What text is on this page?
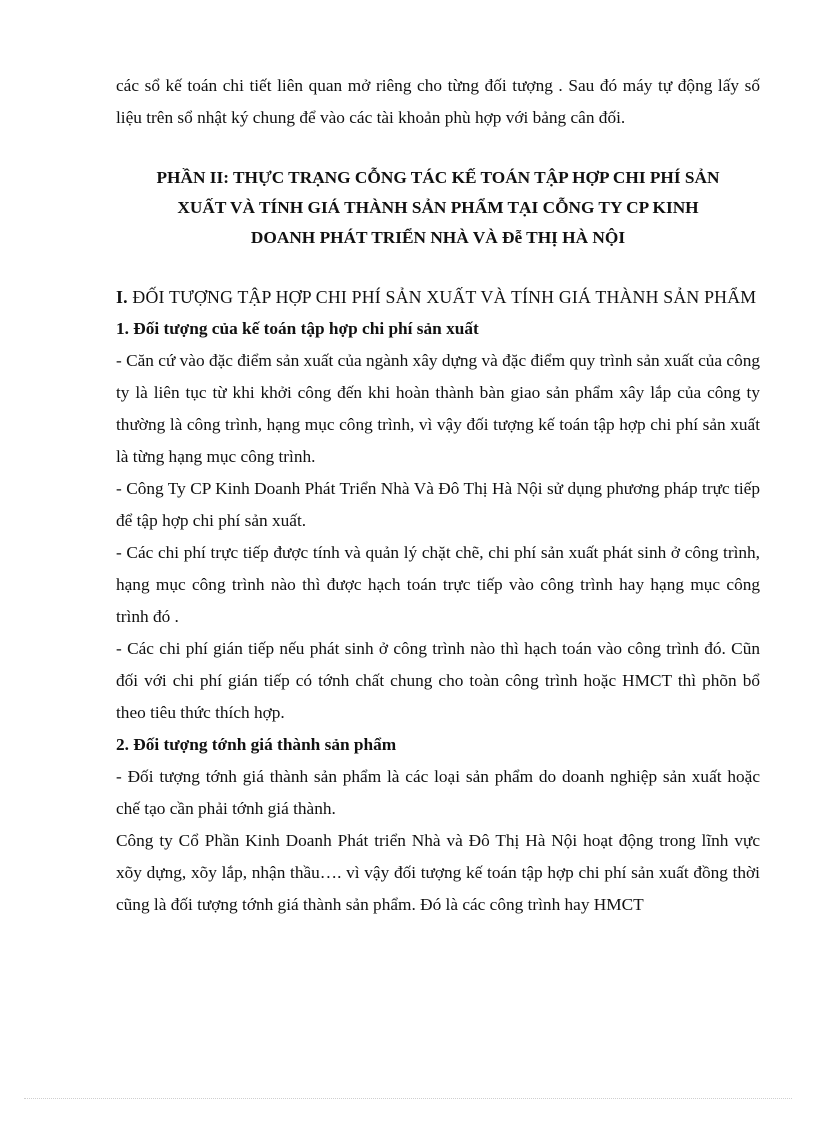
các sổ kế toán chi tiết liên quan mở riêng cho từng đối tượng . Sau đó máy tự động lấy số liệu trên sổ nhật ký chung để vào các tài khoản phù hợp với bảng cân đối.

PHẦN II: THỰC TRẠNG CỖNG TÁC KẾ TOÁN TẬP HỢP CHI PHÍ SẢN
XUẤT VÀ TÍNH GIÁ THÀNH SẢN PHẨM TẠI CỖNG TY CP KINH
DOANH PHÁT TRIỂN NHÀ VÀ Đễ THỊ HÀ NỘI

I. ĐỐI TƯỢNG TẬP HỢP CHI PHÍ SẢN XUẤT VÀ TÍNH GIÁ THÀNH SẢN PHẨM

1. Đối tượng của kế toán tập hợp chi phí sản xuất

- Căn cứ vào đặc điểm sản xuất của ngành xây dựng và đặc điểm quy trình sản xuất của công ty là liên tục từ khi khởi công đến khi hoàn thành bàn giao sản phẩm xây lắp của công ty thường là công trình, hạng mục công trình, vì vậy đối tượng kế toán tập hợp chi phí sản xuất là từng hạng mục công trình.

- Công Ty CP Kinh Doanh Phát Triển Nhà Và Đô Thị Hà Nội sử dụng phương pháp trực tiếp để tập hợp chi phí sản xuất.

- Các chi phí trực tiếp được tính và quản lý chặt chẽ, chi phí sản xuất phát sinh ở công trình, hạng mục công trình nào thì được hạch toán trực tiếp vào công trình hay hạng mục công trình đó .

- Các chi phí gián tiếp nếu phát sinh ở công trình nào thì hạch toán vào công trình đó. Cũn đối với chi phí gián tiếp có tớnh chất chung cho toàn công trình hoặc HMCT thì phõn bổ theo tiêu thức thích hợp.

2. Đối tượng tớnh giá thành sản phẩm

- Đối tượng tớnh giá thành sản phẩm là các loại sản phẩm do doanh nghiệp sản xuất hoặc chế tạo cần phải tớnh giá thành.

Công ty Cổ Phần Kinh Doanh Phát triển Nhà và Đô Thị Hà Nội hoạt động trong lĩnh vực xõy dựng, xõy lắp, nhận thầu…. vì vậy đối tượng kế toán tập hợp chi phí sản xuất đồng thời cũng là đối tượng tớnh giá thành sản phẩm. Đó là các công trình hay HMCT
